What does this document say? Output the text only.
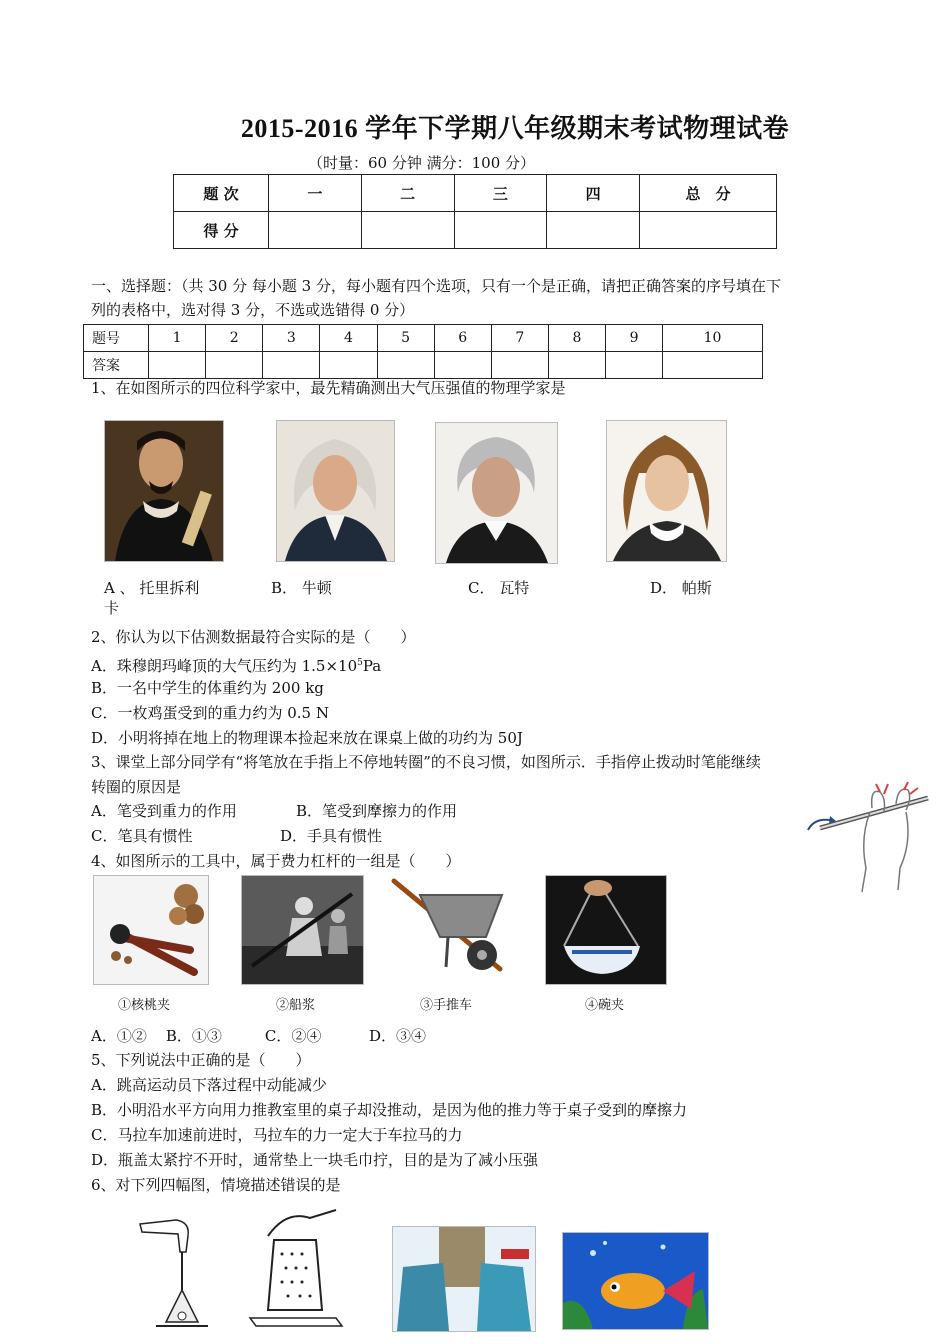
2015-2016 学年下学期八年级期末考试物理试卷
（时量：60 分钟 满分：100 分）
题 次	一	二	三	四	总　分
得 分					
一、选择题：（共 30 分 每小题 3 分，每小题有四个选项，只有一个是正确，请把正确答案的序号填在下
列的表格中，选对得 3 分，不选或选错得 0 分）
题号	1	2	3	4	5	6	7	8	9	10
答案										
1、在如图所示的四位科学家中，最先精确测出大气压强值的物理学家是
A 、 托里拆利
卡
B． 牛顿	C． 瓦特	D． 帕斯
2、你认为以下估测数据最符合实际的是（　　）
A．珠穆朗玛峰顶的大气压约为 $1.5\times 10^5Pa$
B．一名中学生的体重约为 200 kg
C．一枚鸡蛋受到的重力约为 0.5 N
D．小明将掉在地上的物理课本捡起来放在课桌上做的功约为 50J
3、课堂上部分同学有“将笔放在手指上不停地转圈”的不良习惯，如图所示．手指停止拨动时笔能继续
转圈的原因是
A．笔受到重力的作用	B．笔受到摩擦力的作用
C．笔具有惯性	D．手具有惯性
4、如图所示的工具中，属于费力杠杆的一组是（　　）
①核桃夹	②船浆	③手推车	④碗夹
A．①②    B．①③         C．②④          D．③④
5、下列说法中正确的是（　　）
A．跳高运动员下落过程中动能减少
B．小明沿水平方向用力推教室里的桌子却没推动，是因为他的推力等于桌子受到的摩擦力
C．马拉车加速前进时，马拉车的力一定大于车拉马的力
D．瓶盖太紧拧不开时，通常垫上一块毛巾拧，目的是为了减小压强
6、对下列四幅图，情境描述错误的是
